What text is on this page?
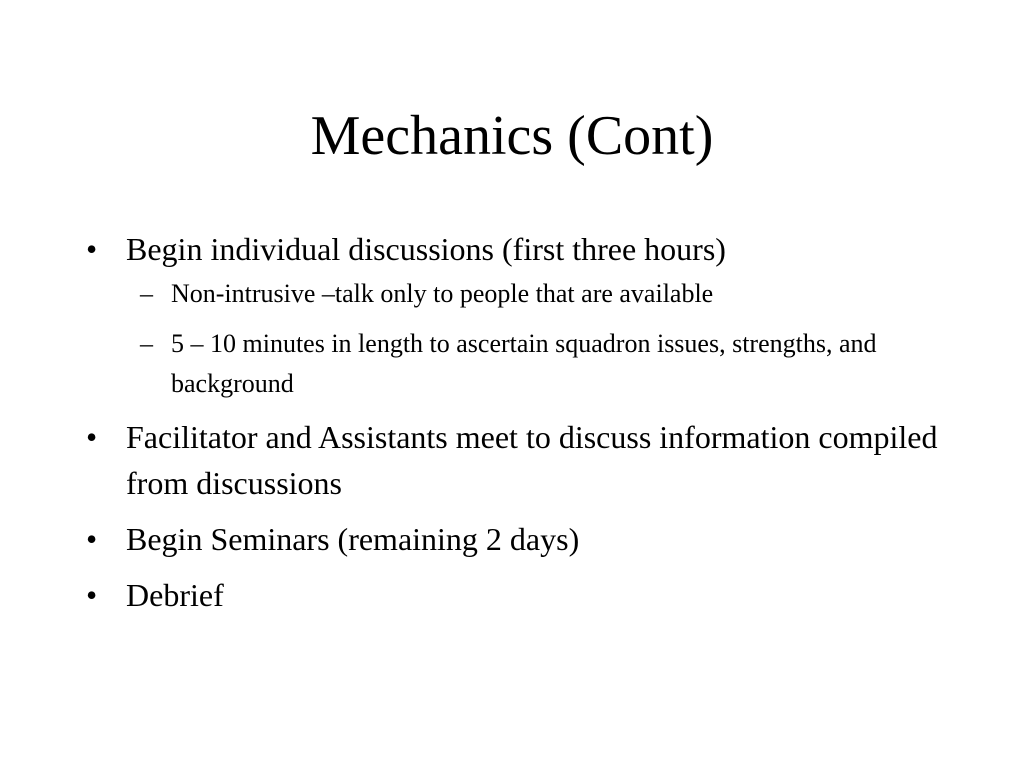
Mechanics (Cont)
• Begin individual discussions (first three hours)
– Non-intrusive –talk only to people that are available
– 5 – 10 minutes in length to ascertain squadron issues, strengths, and background
• Facilitator and Assistants meet to discuss information compiled from discussions
• Begin Seminars (remaining 2 days)
• Debrief
